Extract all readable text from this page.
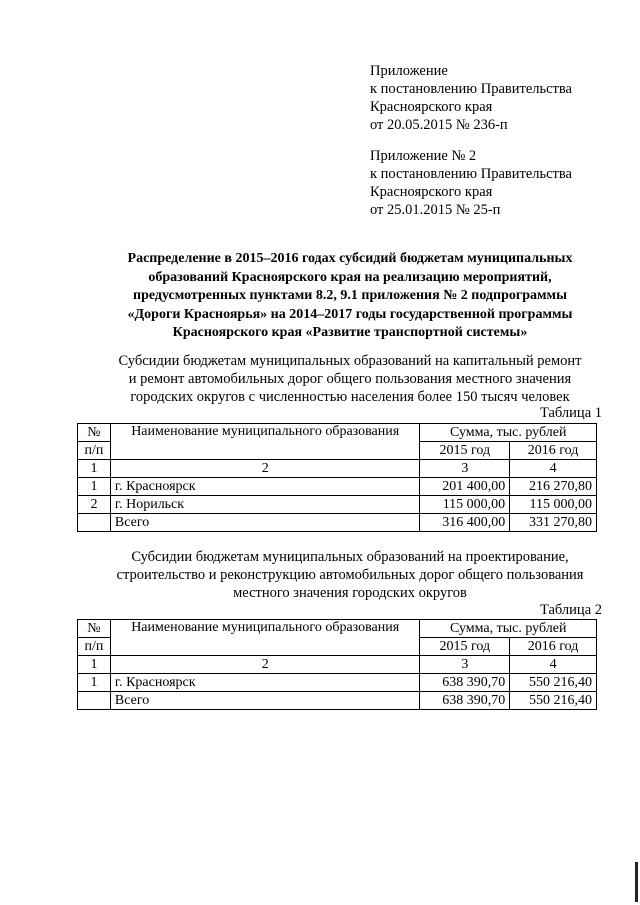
Приложение
к постановлению Правительства
Красноярского края
от 20.05.2015 № 236-п
Приложение № 2
к постановлению Правительства
Красноярского края
от 25.01.2015 № 25-п
Распределение в 2015–2016 годах субсидий бюджетам муниципальных
образований Красноярского края на реализацию мероприятий,
предусмотренных пунктами 8.2, 9.1 приложения № 2 подпрограммы
«Дороги Красноярья» на 2014–2017 годы государственной программы
Красноярского края «Развитие транспортной системы»
Субсидии бюджетам муниципальных образований на капитальный ремонт
и ремонт автомобильных дорог общего пользования местного значения
городских округов с численностью населения более 150 тысяч человек
Таблица 1
№	Наименование муниципального образования	Сумма, тыс. рублей	
п/п		2015 год	2016 год
1	2	3	4
1	г. Красноярск	201 400,00	216 270,80
2	г. Норильск	115 000,00	115 000,00
	Всего	316 400,00	331 270,80
Субсидии бюджетам муниципальных образований на проектирование,
строительство и реконструкцию автомобильных дорог общего пользования
местного значения городских округов
Таблица 2
№	Наименование муниципального образования	Сумма, тыс. рублей	
п/п		2015 год	2016 год
1	2	3	4
1	г. Красноярск	638 390,70	550 216,40
	Всего	638 390,70	550 216,40
